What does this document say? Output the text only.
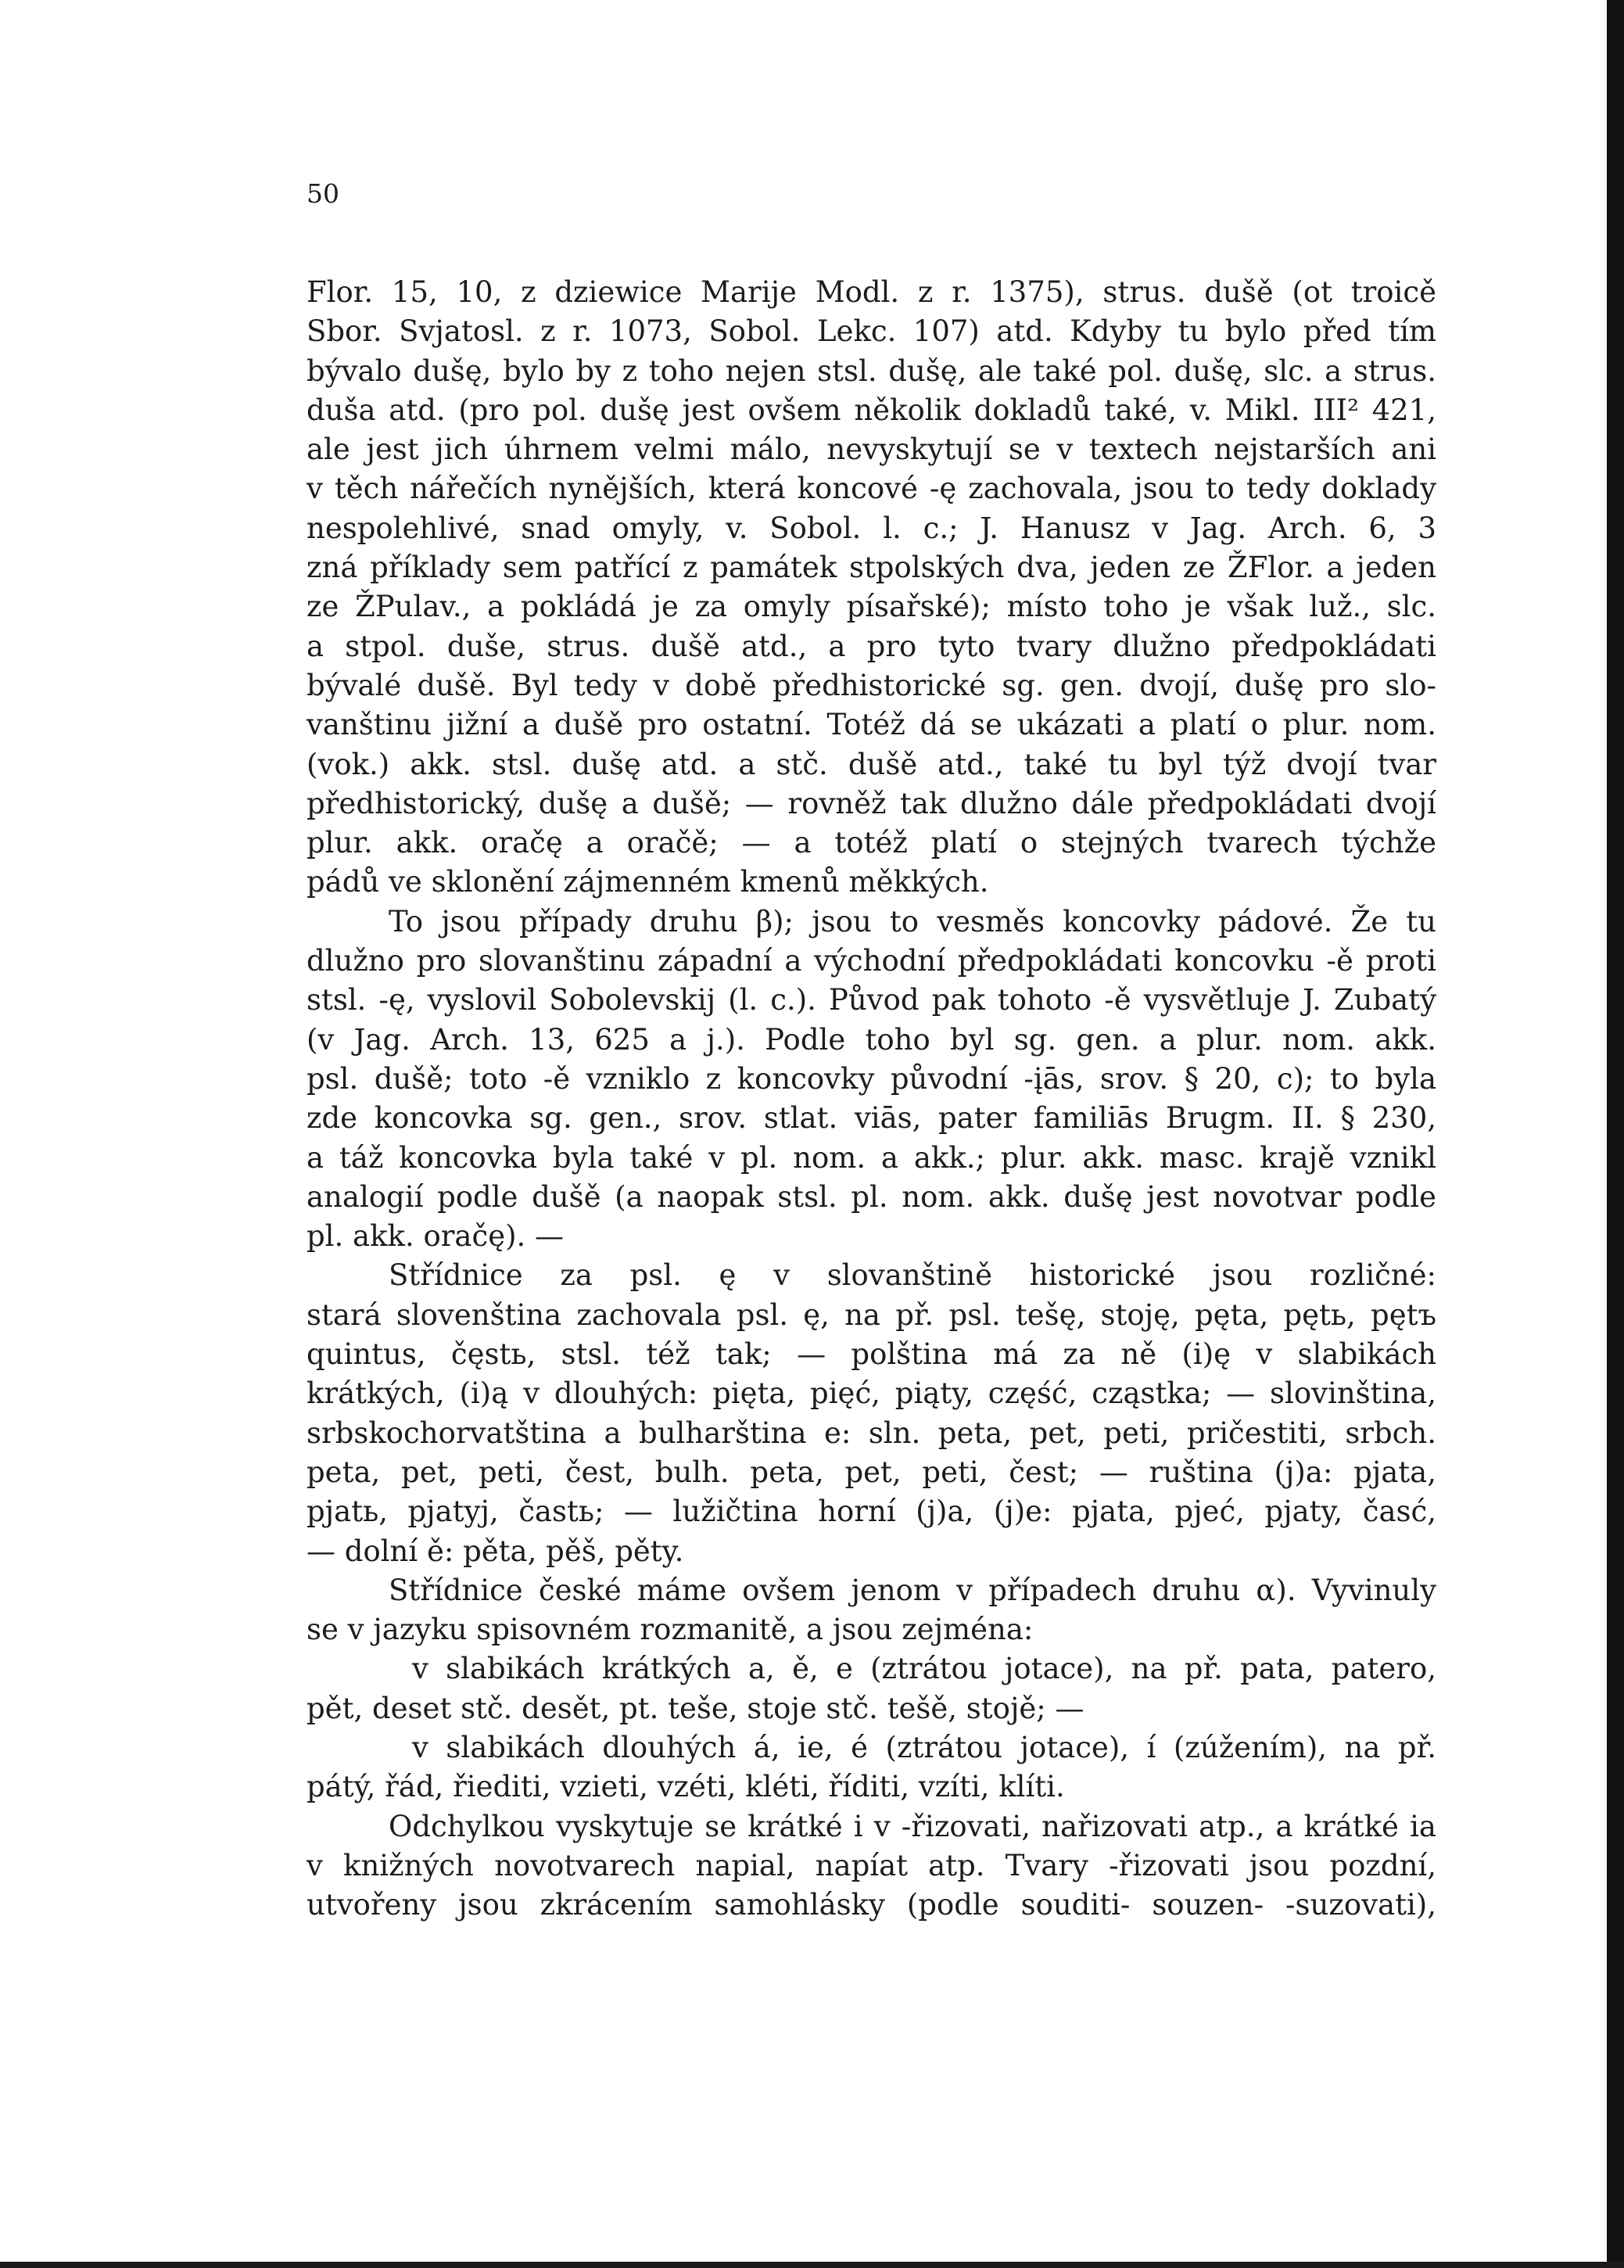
50

Flor. 15, 10, z dziewice Marije Modl. z r. 1375), strus. dušě (ot troicě
Sbor. Svjatosl. z r. 1073, Sobol. Lekc. 107) atd. Kdyby tu bylo před tím
bývalo dušę, bylo by z toho nejen stsl. dušę, ale také pol. dušę, slc. a strus.
duša atd. (pro pol. dušę jest ovšem několik dokladů také, v. Mikl. III² 421,
ale jest jich úhrnem velmi málo, nevyskytují se v textech nejstarších ani
v těch nářečích nynějších, která koncové -ę zachovala, jsou to tedy doklady
nespolehlivé, snad omyly, v. Sobol. l. c.; J. Hanusz v Jag. Arch. 6, 3
zná příklady sem patřící z památek stpolských dva, jeden ze ŽFlor. a jeden
ze ŽPulav., a pokládá je za omyly písařské); místo toho je však luž., slc.
a stpol. duše, strus. dušě atd., a pro tyto tvary dlužno předpokládati
bývalé dušě. Byl tedy v době předhistorické sg. gen. dvojí, dušę pro slo-
vanštinu jižní a dušě pro ostatní. Totéž dá se ukázati a platí o plur. nom.
(vok.) akk. stsl. dušę atd. a stč. dušě atd., také tu byl týž dvojí tvar
předhistorický, dušę a dušě; — rovněž tak dlužno dále předpokládati dvojí
plur. akk. oračę a oračě; — a totéž platí o stejných tvarech týchže
pádů ve sklonění zájmenném kmenů měkkých.

To jsou případy druhu β); jsou to vesměs koncovky pádové. Že tu
dlužno pro slovanštinu západní a východní předpokládati koncovku -ě proti
stsl. -ę, vyslovil Sobolevskij (l. c.). Původ pak tohoto -ě vysvětluje J. Zubatý
(v Jag. Arch. 13, 625 a j.). Podle toho byl sg. gen. a plur. nom. akk.
psl. dušě; toto -ě vzniklo z koncovky původní -įās, srov. § 20, c); to byla
zde koncovka sg. gen., srov. stlat. viās, pater familiās Brugm. II. § 230,
a táž koncovka byla také v pl. nom. a akk.; plur. akk. masc. krajě vznikl
analogií podle dušě (a naopak stsl. pl. nom. akk. dušę jest novotvar podle
pl. akk. oračę). —

Střídnice za psl. ę v slovanštině historické jsou rozličné:
stará slovenština zachovala psl. ę, na př. psl. tešę, stoję, pęta, pętь, pętъ
quintus, čęstь, stsl. též tak; — polština má za ně (i)ę v slabikách
krátkých, (i)ą v dlouhých: pięta, pięć, piąty, część, cząstka; — slovinština,
srbskochorvatština a bulharština e: sln. peta, pet, peti, pričestiti, srbch.
peta, pet, peti, čest, bulh. peta, pet, peti, čest; — ruština (j)a: pjata,
pjatь, pjatyj, častь; — lužičtina horní (j)a, (j)e: pjata, pjeć, pjaty, časć,
— dolní ě: pěta, pěš, pěty.

Střídnice české máme ovšem jenom v případech druhu α). Vyvinuly
se v jazyku spisovném rozmanitě, a jsou zejména:

v slabikách krátkých a, ě, e (ztrátou jotace), na př. pata, patero,
pět, deset stč. desět, pt. teše, stoje stč. tešě, stojě; —

v slabikách dlouhých á, ie, é (ztrátou jotace), í (zúžením), na př.
pátý, řád, řiediti, vzieti, vzéti, kléti, říditi, vzíti, klíti.

Odchylkou vyskytuje se krátké i v -řizovati, nařizovati atp., a krátké ia
v knižných novotvarech napial, napíat atp. Tvary -řizovati jsou pozdní,
utvořeny jsou zkrácením samohlásky (podle souditi- souzen- -suzovati),
